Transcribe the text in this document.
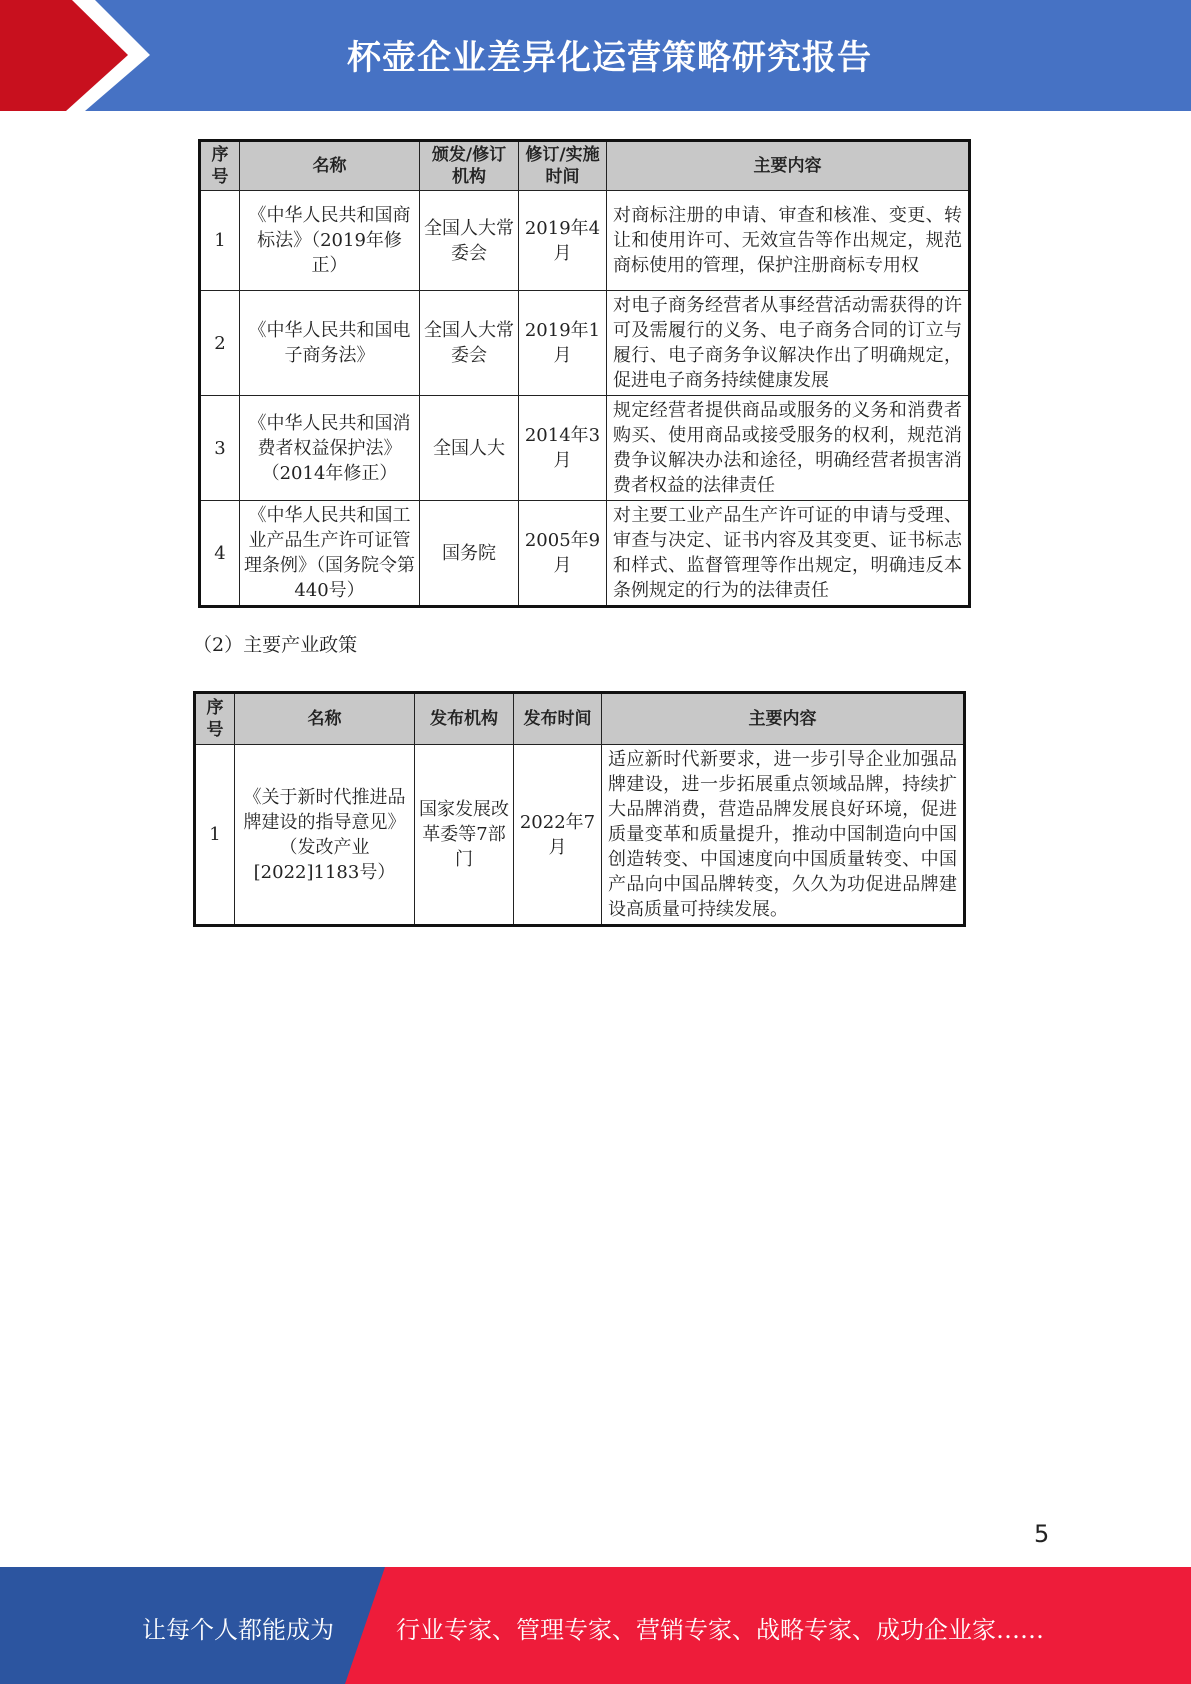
杯壶企业差异化运营策略研究报告
序号	名称	颁发/修订机构	修订/实施时间	主要内容
1	《中华人民共和国商标法》（2019年修正）	全国人大常委会	2019年4月	对商标注册的申请、审查和核准、变更、转让和使用许可、无效宣告等作出规定，规范商标使用的管理，保护注册商标专用权
2	《中华人民共和国电子商务法》	全国人大常委会	2019年1月	对电子商务经营者从事经营活动需获得的许可及需履行的义务、电子商务合同的订立与履行、电子商务争议解决作出了明确规定，促进电子商务持续健康发展
3	《中华人民共和国消费者权益保护法》（2014年修正）	全国人大	2014年3月	规定经营者提供商品或服务的义务和消费者购买、使用商品或接受服务的权利，规范消费争议解决办法和途径，明确经营者损害消费者权益的法律责任
4	《中华人民共和国工业产品生产许可证管理条例》（国务院令第440号）	国务院	2005年9月	对主要工业产品生产许可证的申请与受理、审查与决定、证书内容及其变更、证书标志和样式、监督管理等作出规定，明确违反本条例规定的行为的法律责任
（2）主要产业政策
序号	名称	发布机构	发布时间	主要内容
1	《关于新时代推进品牌建设的指导意见》（发改产业[2022]1183号）	国家发展改革委等7部门	2022年7月	适应新时代新要求，进一步引导企业加强品牌建设，进一步拓展重点领域品牌，持续扩大品牌消费，营造品牌发展良好环境，促进质量变革和质量提升，推动中国制造向中国创造转变、中国速度向中国质量转变、中国产品向中国品牌转变，久久为功促进品牌建设高质量可持续发展。
5
让每个人都能成为	行业专家、管理专家、营销专家、战略专家、成功企业家……
